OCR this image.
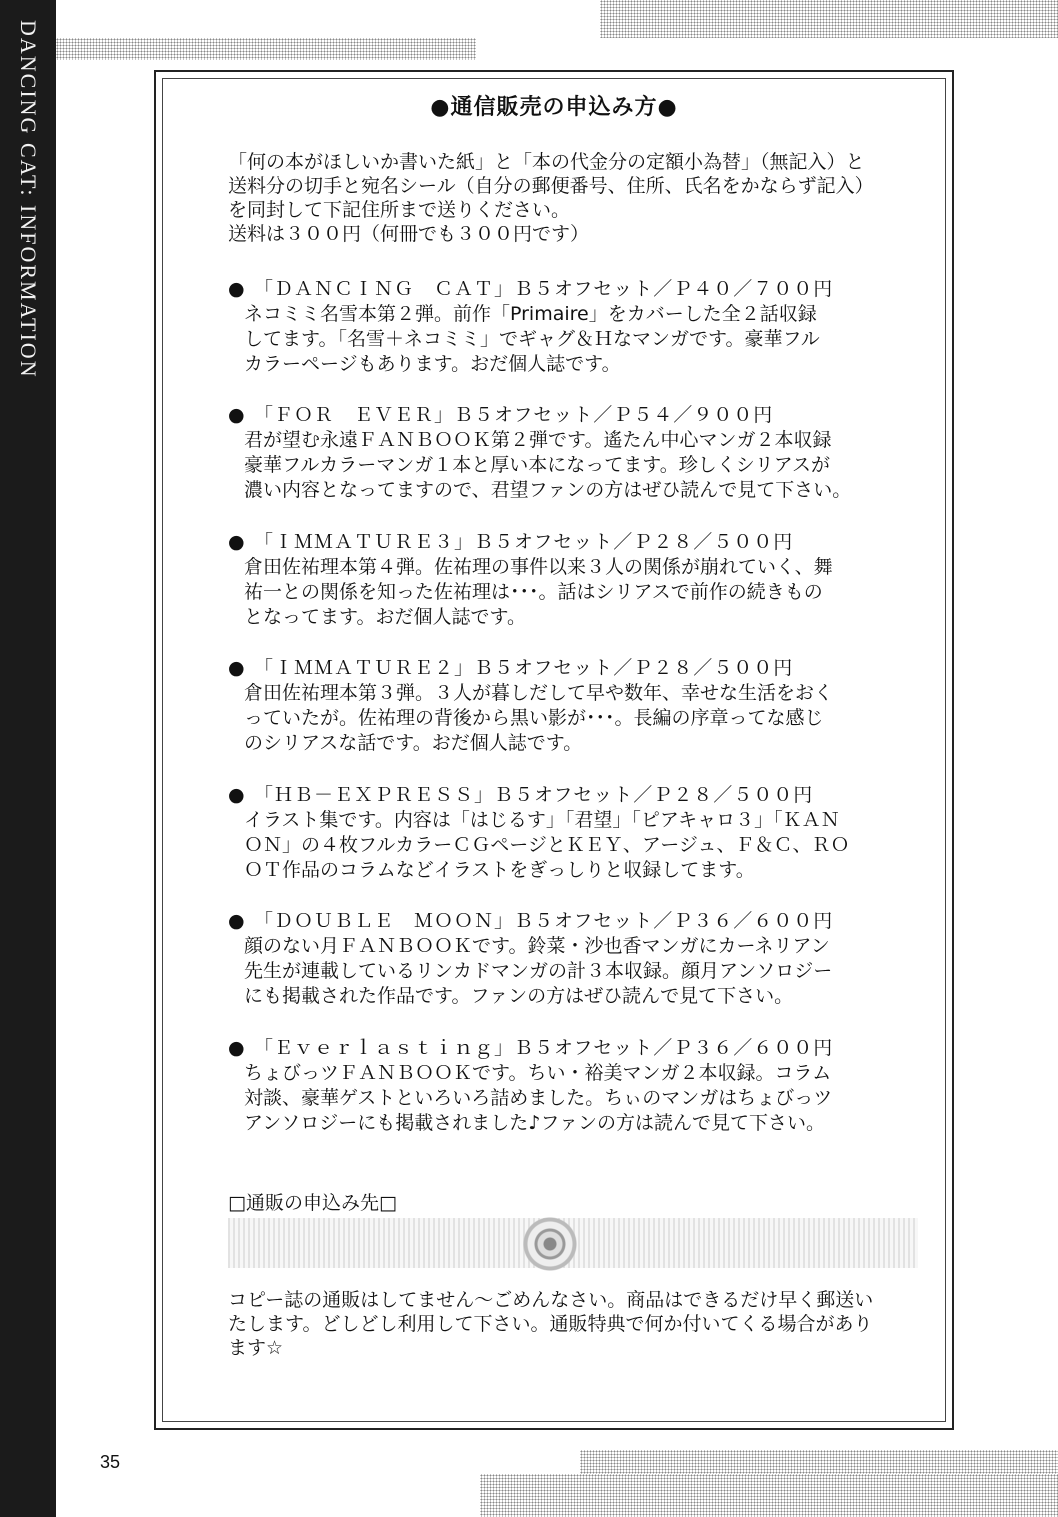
DANCING CAT: INFORMATION	●通信販売の申込み方●

「何の本がほしいか書いた紙」と「本の代金分の定額小為替」（無記入）と

送料分の切手と宛名シール（自分の郵便番号、住所、氏名をかならず記入）

を同封して下記住所まで送りください。

送料は３００円（何冊でも３００円です）

● 「ＤＡＮＣＩＮＧ　ＣＡＴ」Ｂ５オフセット／Ｐ４０／７００円

ネコミミ名雪本第２弾。前作「Primaire」をカバーした全２話収録

してます。「名雪＋ネコミミ」でギャグ＆Ｈなマンガです。豪華フル

カラーページもあります。おだ個人誌です。

● 「ＦＯＲ　ＥＶＥＲ」Ｂ５オフセット／Ｐ５４／９００円

君が望む永遠ＦＡＮＢＯＯＫ第２弾です。遙たん中心マンガ２本収録

豪華フルカラーマンガ１本と厚い本になってます。珍しくシリアスが

濃い内容となってますので、君望ファンの方はぜひ読んで見て下さい。

● 「ＩＭＭＡＴＵＲＥ３」Ｂ５オフセット／Ｐ２８／５００円

倉田佐祐理本第４弾。佐祐理の事件以来３人の関係が崩れていく、舞

祐一との関係を知った佐祐理は･･･。話はシリアスで前作の続きもの

となってます。おだ個人誌です。

● 「ＩＭＭＡＴＵＲＥ２」Ｂ５オフセット／Ｐ２８／５００円

倉田佐祐理本第３弾。３人が暮しだして早や数年、幸せな生活をおく

っていたが。佐祐理の背後から黒い影が･･･。長編の序章ってな感じ

のシリアスな話です。おだ個人誌です。

● 「ＨＢ－ＥＸＰＲＥＳＳ」Ｂ５オフセット／Ｐ２８／５００円

イラスト集です。内容は「はじるす」「君望」「ピアキャロ３」「ＫＡＮ

ＯＮ」の４枚フルカラーＣＧページとＫＥＹ、アージュ、Ｆ＆Ｃ、ＲＯ

ＯＴ作品のコラムなどイラストをぎっしりと収録してます。

● 「ＤＯＵＢＬＥ　ＭＯＯＮ」Ｂ５オフセット／Ｐ３６／６００円

顔のない月ＦＡＮＢＯＯＫです。鈴菜・沙也香マンガにカーネリアン

先生が連載しているリンカドマンガの計３本収録。顔月アンソロジー

にも掲載された作品です。ファンの方はぜひ読んで見て下さい。

● 「Ｅｖｅｒｌａｓｔｉｎｇ」Ｂ５オフセット／Ｐ３６／６００円

ちょびっツＦＡＮＢＯＯＫです。ちい・裕美マンガ２本収録。コラム

対談、豪華ゲストといろいろ詰めました。ちぃのマンガはちょびっツ

アンソロジーにも掲載されました♪ファンの方は読んで見て下さい。

□通販の申込み先□

コピー誌の通販はしてません～ごめんなさい。商品はできるだけ早く郵送い

たします。どしどし利用して下さい。通販特典で何か付いてくる場合があり

ます☆

35
